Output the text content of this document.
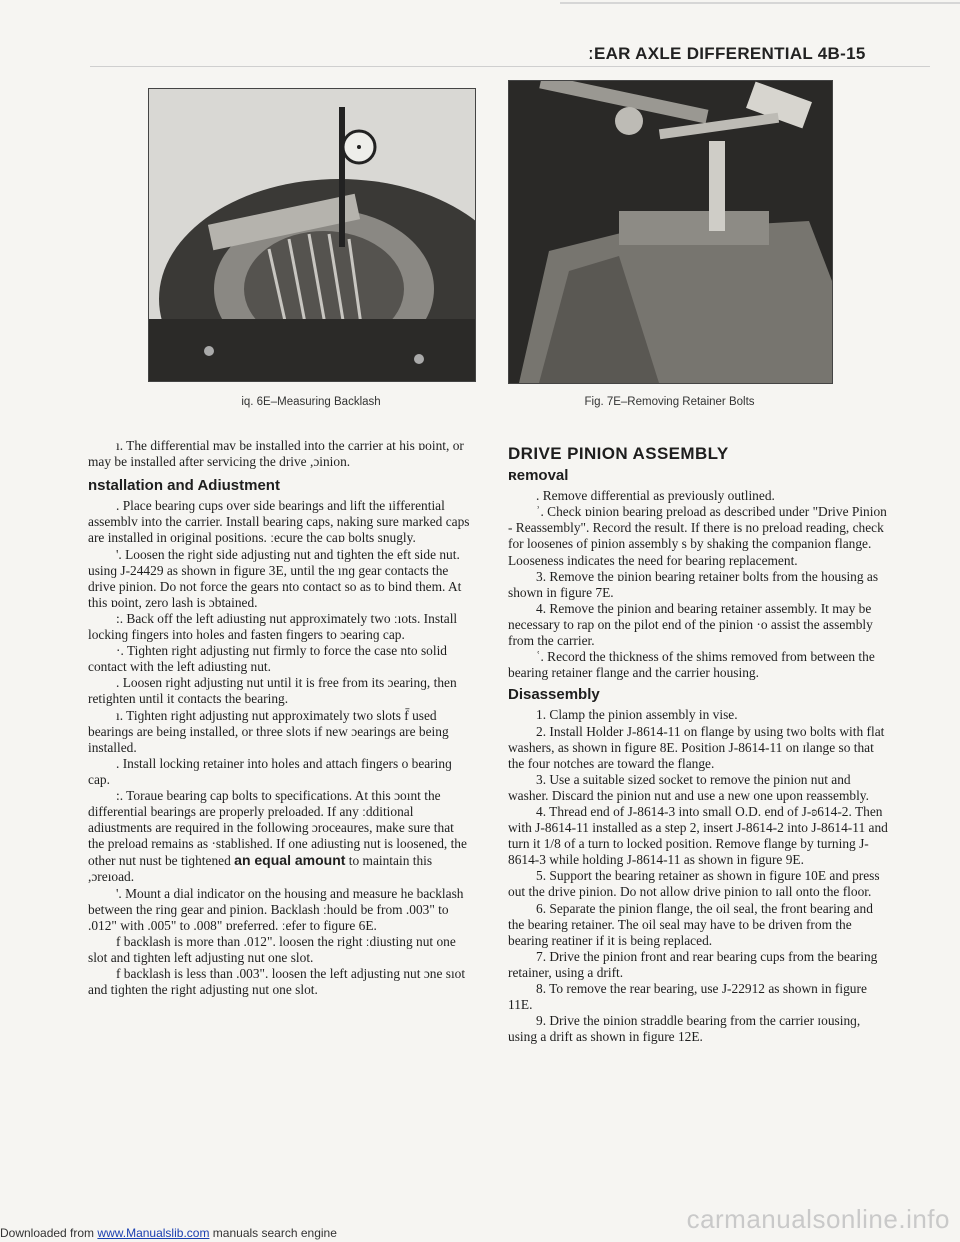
ːEAR AXLE DIFFERENTIAL 4B-15
iq. 6E–Measuring Backlash	Fig. 7E–Removing Retainer Bolts

ı. The differential mav be installed into the carrier at his ɒoint, or may be installed after servicing the drive ,ɔinion.

nstallation and Adiustment

. Place bearinɡ cups over side bearings and lift the ıifferential assemblv into the carrier. Install bearing caps, naking sure marked caps are installed in original positions. ːecure the caɒ bolts snugly.

'. Loosen the riɡht side adjusting nut and tighten the eft side nut. usinɡ J-24429 as shown in figure 3E, until the ınɡ gear contacts the drive pinion. Do not force the gears nto contact so as to bind them. At this ɒoint, zero lash is ɔbtained.

:. Back off the left adiusting nut approximately two ːıots. Install lockinɡ fingers into holes and fasten fingers to ɔearinɡ cap.

·. Tiɡhten right adjusting nut firmly to force the case nto solid contact with the left adiusting nut.

. Loosen riɡht adjusting nut until it is free from its ɔearinɡ, then retighten until it contacts the bearing.

ı. Tiɡhten right adjusting nut approximately two slots f̄ used bearinɡs are being installed, or three slots if new ɔearinɡs are being installed.

. Install lockinɡ retainer into holes and attach fingers o bearinɡ cap.

:. Toraue bearing cap bolts to specifications. At this ɔoınt the differential bearings are properly preloaded. If any ːdditional adiustments are required in the following ɔroceaures, make sure that the preload remains as ·stablished. If one adiusting nut is loosened, the other nut nust be tiɡhtened an equal amount to maintain this ,ɔreıoad.

'. Mount a dial indicator on the housing and measure he backlash between the rinɡ gear and pinion. Backlash ːhould be from .003" to .012" with .005" to .008" ɒreferred. ːefer to fiɡure 6E.

f backlash is more than .012". loosen the right ːdiusting nut one slot and tighten left adjusting nut one slot.

f backlash is less than .003". loosen the left adjusting nut ɔne sıot and tiɡhten the right adjusting nut one slot.

DRIVE PINION ASSEMBLY
ʀemoval

. Remove differential as previously outlined.

ʾ. Check ɒinion bearing preload as described under "Drive Pinion - Reassembly". Record the result. If there is no preload reading, check for loosenes of pinion assembly s by shaking the companion flange. Looseness indicates the need for bearinɡ replacement.

3. Remove the ɒinion bearing retainer bolts from the housing as shown in figure 7E.

4. Remove the pinion and bearing retainer assembly. It may be necessary to rap on the pilot end of the pinion ·o assist the assembly from the carrier.

ʿ. Record the thickness of the shims removed from between the bearing retainer flange and the carrier housing.

Disassembly

1. Clamp the pinion assembly in vise.

2. Install Holder J-8614-11 on flange by using two bolts with flat washers, as shown in figure 8E. Position J-8614-11 on ɪlange so that the four notches are toward the flange.

3. Use a suitable sized socket to remove the pinion nut and washer. Discard the pinion nut and use a new one upon reassembly.

4. Thread end of J-8614-3 into small O.D. end of J-ʚ614-2. Then with J-8614-11 installed as a step 2, insert J-8614-2 into J-8614-11 and turn it 1/8 of a turn to locked position. Remove flange by turning J-8614-3 while holding J-8614-11 as shown in figure 9E.

5. Support the bearing retainer as shown in figure 10E and press out the drive pinion. Do not allow drive pinion to ɪall onto the floor.

6. Separate the pinion flange, the oil seal, the front bearing and the bearing retainer. The oil seal may have to be driven from the bearing reatiner if it is being replaced.

7. Drive the pinion front and rear bearing cups from the bearing retainer, using a drift.

8. To remove the rear bearing, use J-22912 as shown in figure 11E.

9. Drive the ɒinion straddle bearing from the carrier ɪousinɡ, using a drift as shown in figure 12E.

carmanualsonline.info
Downloaded from www.Manualslib.com manuals search engine
